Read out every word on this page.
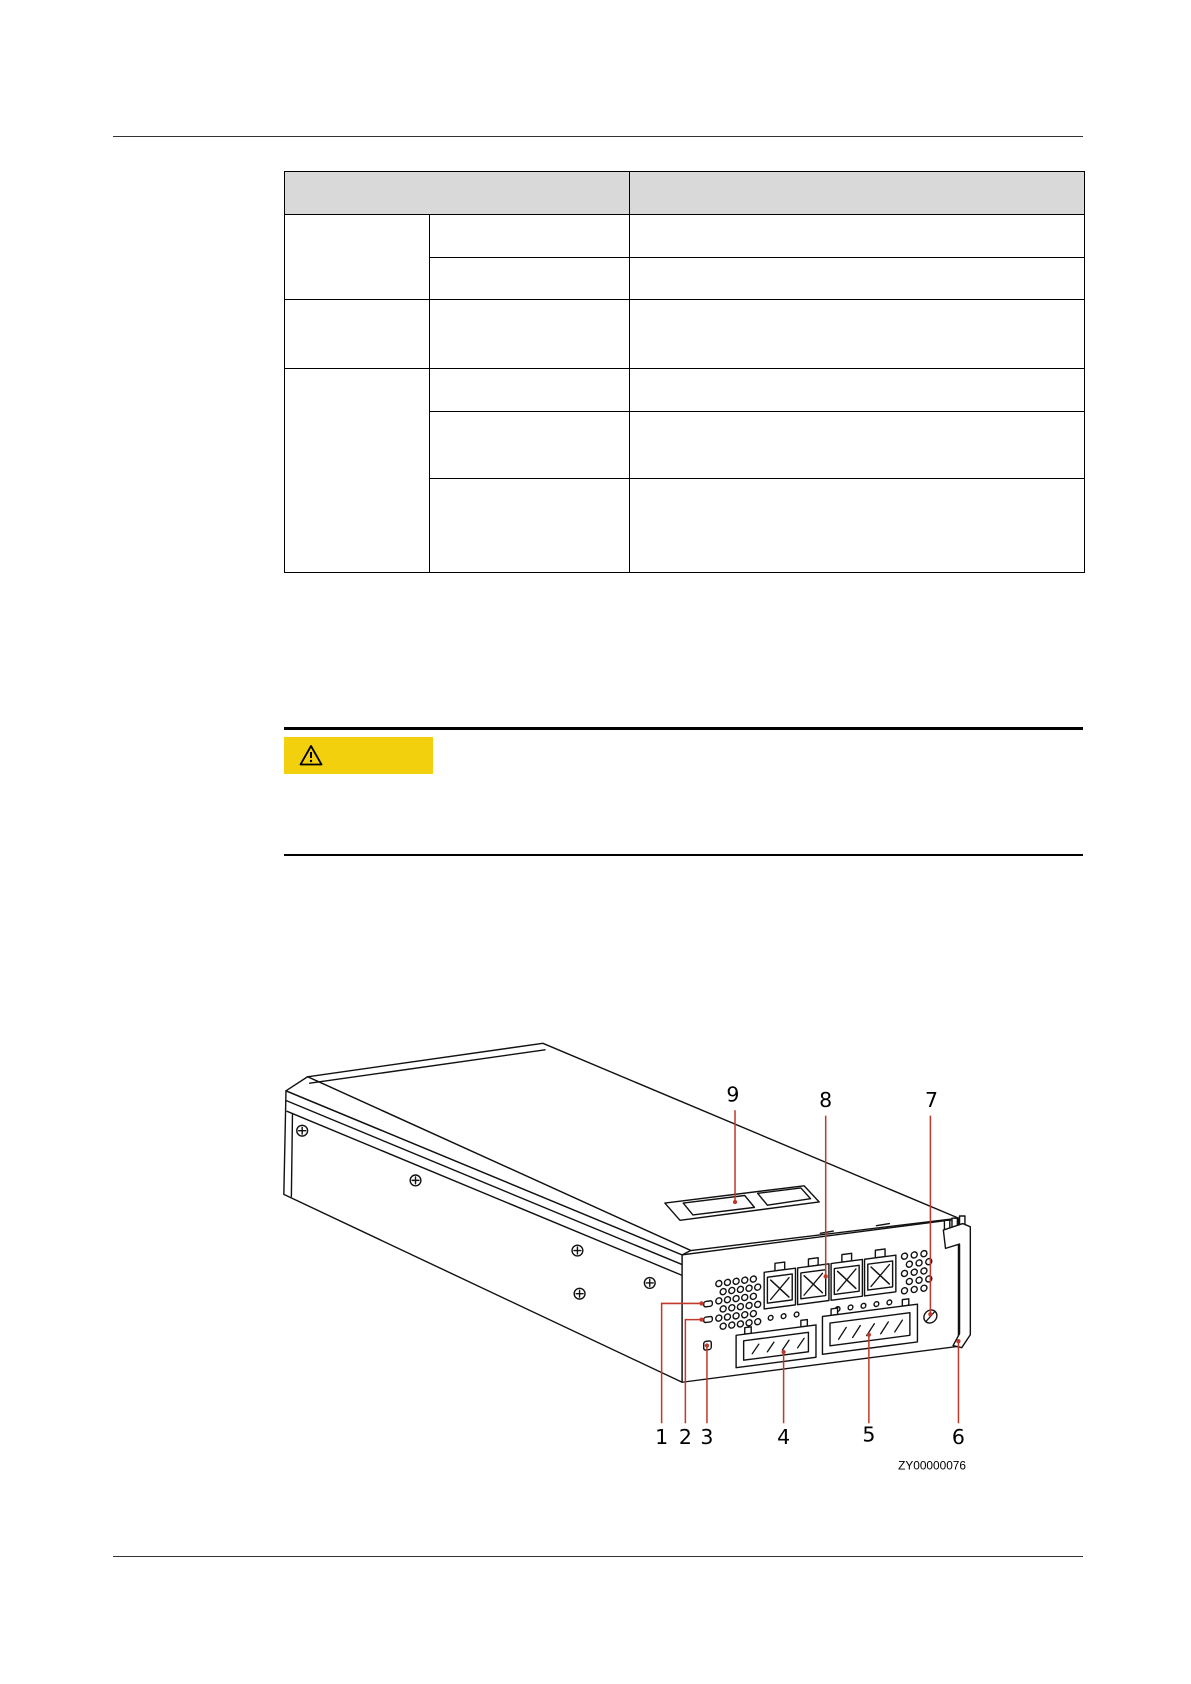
1 2 3	4	5	6
7
8
9
ZY00000076
